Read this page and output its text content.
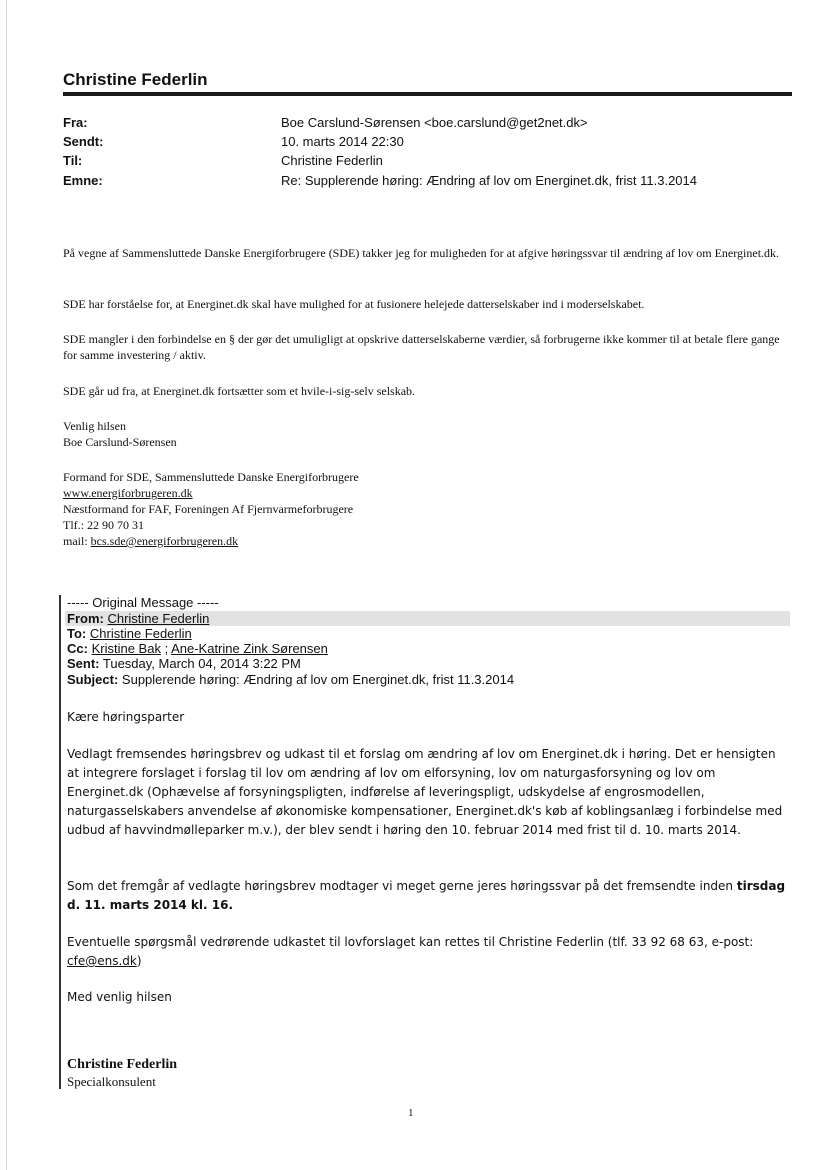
Christine Federlin
Fra:	Boe Carslund-Sørensen <boe.carslund@get2net.dk>
Sendt:	10. marts 2014 22:30
Til:	Christine Federlin
Emne:	Re: Supplerende høring: Ændring af lov om Energinet.dk, frist 11.3.2014
På vegne af Sammensluttede Danske Energiforbrugere (SDE) takker jeg for muligheden for at afgive høringssvar til ændring af lov om Energinet.dk.
SDE har forståelse for, at Energinet.dk skal have mulighed for at fusionere helejede datterselskaber ind i moderselskabet.
SDE mangler i den forbindelse en § der gør det umuligligt at opskrive datterselskaberne værdier, så forbrugerne ikke kommer til at betale flere gange for samme investering / aktiv.
SDE går ud fra, at Energinet.dk fortsætter som et hvile-i-sig-selv selskab.
Venlig hilsen
Boe Carslund-Sørensen
Formand for SDE, Sammensluttede Danske Energiforbrugere
www.energiforbrugeren.dk
Næstformand for FAF, Foreningen Af Fjernvarmeforbrugere
Tlf.: 22 90 70 31
mail: bcs.sde@energiforbrugeren.dk
----- Original Message -----
From: Christine Federlin
To: Christine Federlin
Cc: Kristine Bak ; Ane-Katrine Zink Sørensen
Sent: Tuesday, March 04, 2014 3:22 PM
Subject: Supplerende høring: Ændring af lov om Energinet.dk, frist 11.3.2014
Kære høringsparter
Vedlagt fremsendes høringsbrev og udkast til et forslag om ændring af lov om Energinet.dk i høring. Det er hensigten at integrere forslaget i forslag til lov om ændring af lov om elforsyning, lov om naturgasforsyning og lov om Energinet.dk (Ophævelse af forsyningspligten, indførelse af leveringspligt, udskydelse af engrosmodellen, naturgasselskabers anvendelse af økonomiske kompensationer, Energinet.dk's køb af koblingsanlæg i forbindelse med udbud af havvindmølleparker m.v.), der blev sendt i høring den 10. februar 2014 med frist til d. 10. marts 2014.
Som det fremgår af vedlagte høringsbrev modtager vi meget gerne jeres høringssvar på det fremsendte inden tirsdag d. 11. marts 2014 kl. 16.
Eventuelle spørgsmål vedrørende udkastet til lovforslaget kan rettes til Christine Federlin (tlf. 33 92 68 63, e-post: cfe@ens.dk)
Med venlig hilsen
Christine Federlin
Specialkonsulent
1
